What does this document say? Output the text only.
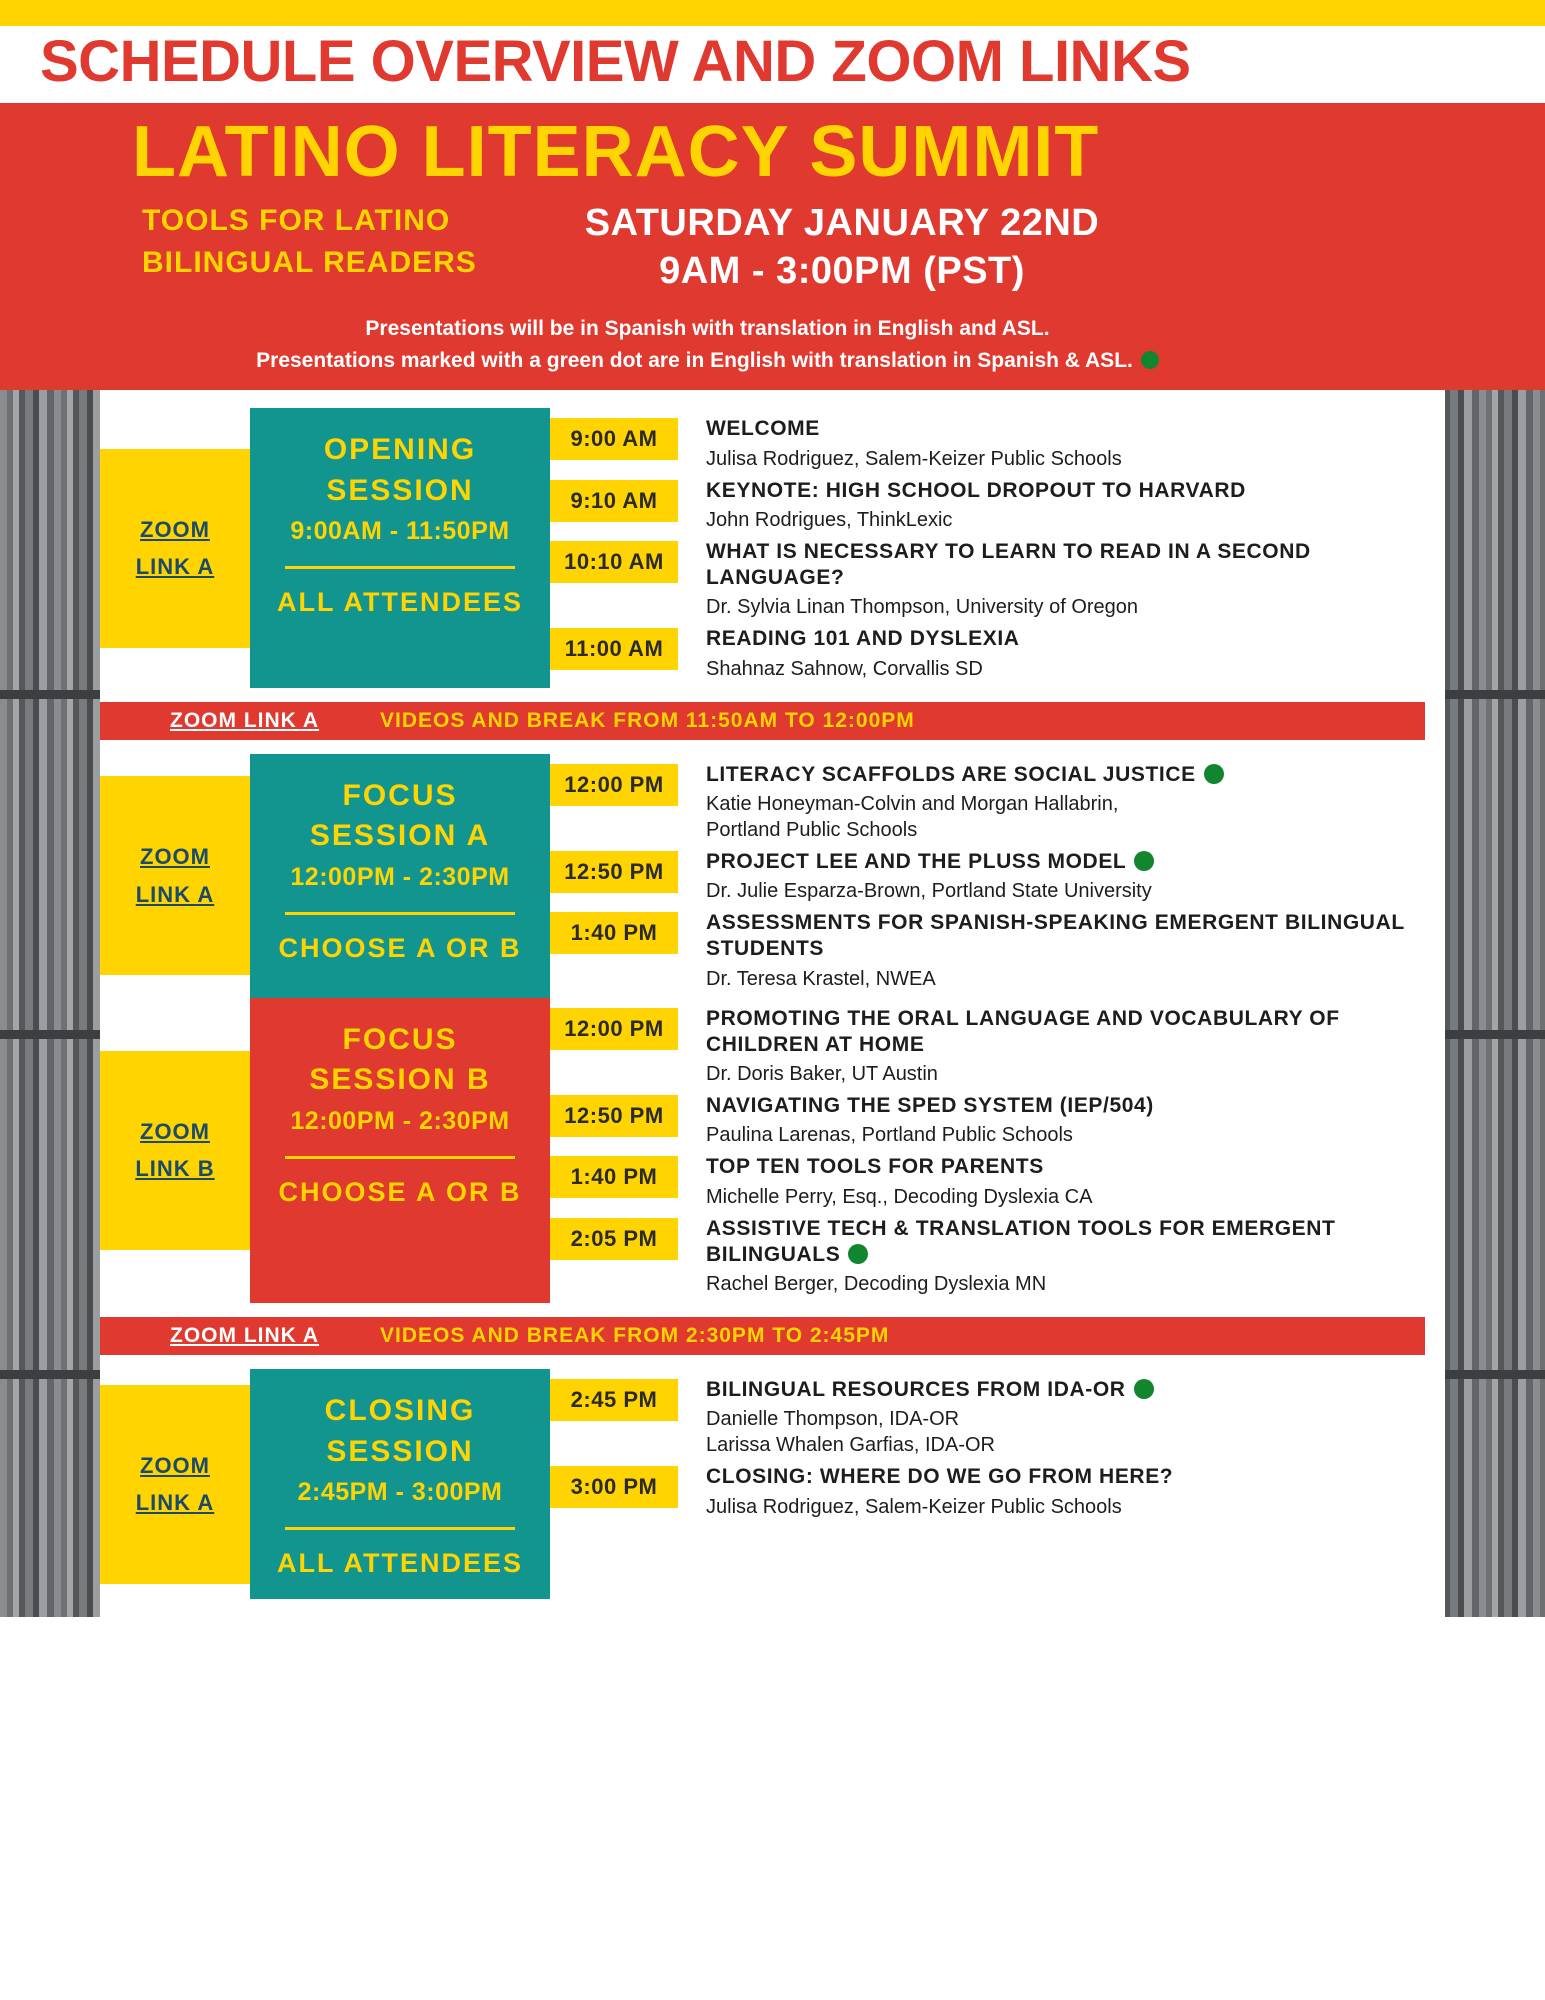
SCHEDULE OVERVIEW AND ZOOM LINKS
LATINO LITERACY SUMMIT
TOOLS FOR LATINO
BILINGUAL READERS
SATURDAY JANUARY 22ND
9AM - 3:00PM (PST)
Presentations will be in Spanish with translation in English and ASL.
Presentations marked with a green dot are in English with translation in Spanish & ASL.
ZOOM
LINK A
OPENING
SESSION
9:00AM - 11:50PM
ALL ATTENDEES
9:00 AM	WELCOME
Julisa Rodriguez, Salem-Keizer Public Schools
9:10 AM	KEYNOTE: HIGH SCHOOL DROPOUT TO HARVARD
John Rodrigues, ThinkLexic
10:10 AM	WHAT IS NECESSARY TO LEARN TO READ IN A SECOND LANGUAGE?
Dr. Sylvia Linan Thompson, University of Oregon
11:00 AM	READING 101 AND DYSLEXIA
Shahnaz Sahnow, Corvallis SD
ZOOM LINK A	VIDEOS AND BREAK FROM 11:50AM TO 12:00PM
ZOOM
LINK A
FOCUS
SESSION A
12:00PM - 2:30PM
CHOOSE A OR B
12:00 PM	LITERACY SCAFFOLDS ARE SOCIAL JUSTICE
Katie Honeyman-Colvin and Morgan Hallabrin,
Portland Public Schools
12:50 PM	PROJECT LEE AND THE PLUSS MODEL
Dr. Julie Esparza-Brown, Portland State University
1:40 PM	ASSESSMENTS FOR SPANISH-SPEAKING EMERGENT BILINGUAL STUDENTS
Dr. Teresa Krastel, NWEA
ZOOM
LINK B
FOCUS
SESSION B
12:00PM - 2:30PM
CHOOSE A OR B
12:00 PM	PROMOTING THE ORAL LANGUAGE AND VOCABULARY OF CHILDREN AT HOME
Dr. Doris Baker, UT Austin
12:50 PM	NAVIGATING THE SPED SYSTEM (IEP/504)
Paulina Larenas, Portland Public Schools
1:40 PM	TOP TEN TOOLS FOR PARENTS
Michelle Perry, Esq., Decoding Dyslexia CA
2:05 PM	ASSISTIVE TECH & TRANSLATION TOOLS FOR EMERGENT BILINGUALS
Rachel Berger, Decoding Dyslexia MN
ZOOM LINK A	VIDEOS AND BREAK FROM 2:30PM TO 2:45PM
ZOOM
LINK A
CLOSING
SESSION
2:45PM - 3:00PM
ALL ATTENDEES
2:45 PM	BILINGUAL RESOURCES FROM IDA-OR
Danielle Thompson, IDA-OR
Larissa Whalen Garfias, IDA-OR
3:00 PM	CLOSING: WHERE DO WE GO FROM HERE?
Julisa Rodriguez, Salem-Keizer Public Schools
